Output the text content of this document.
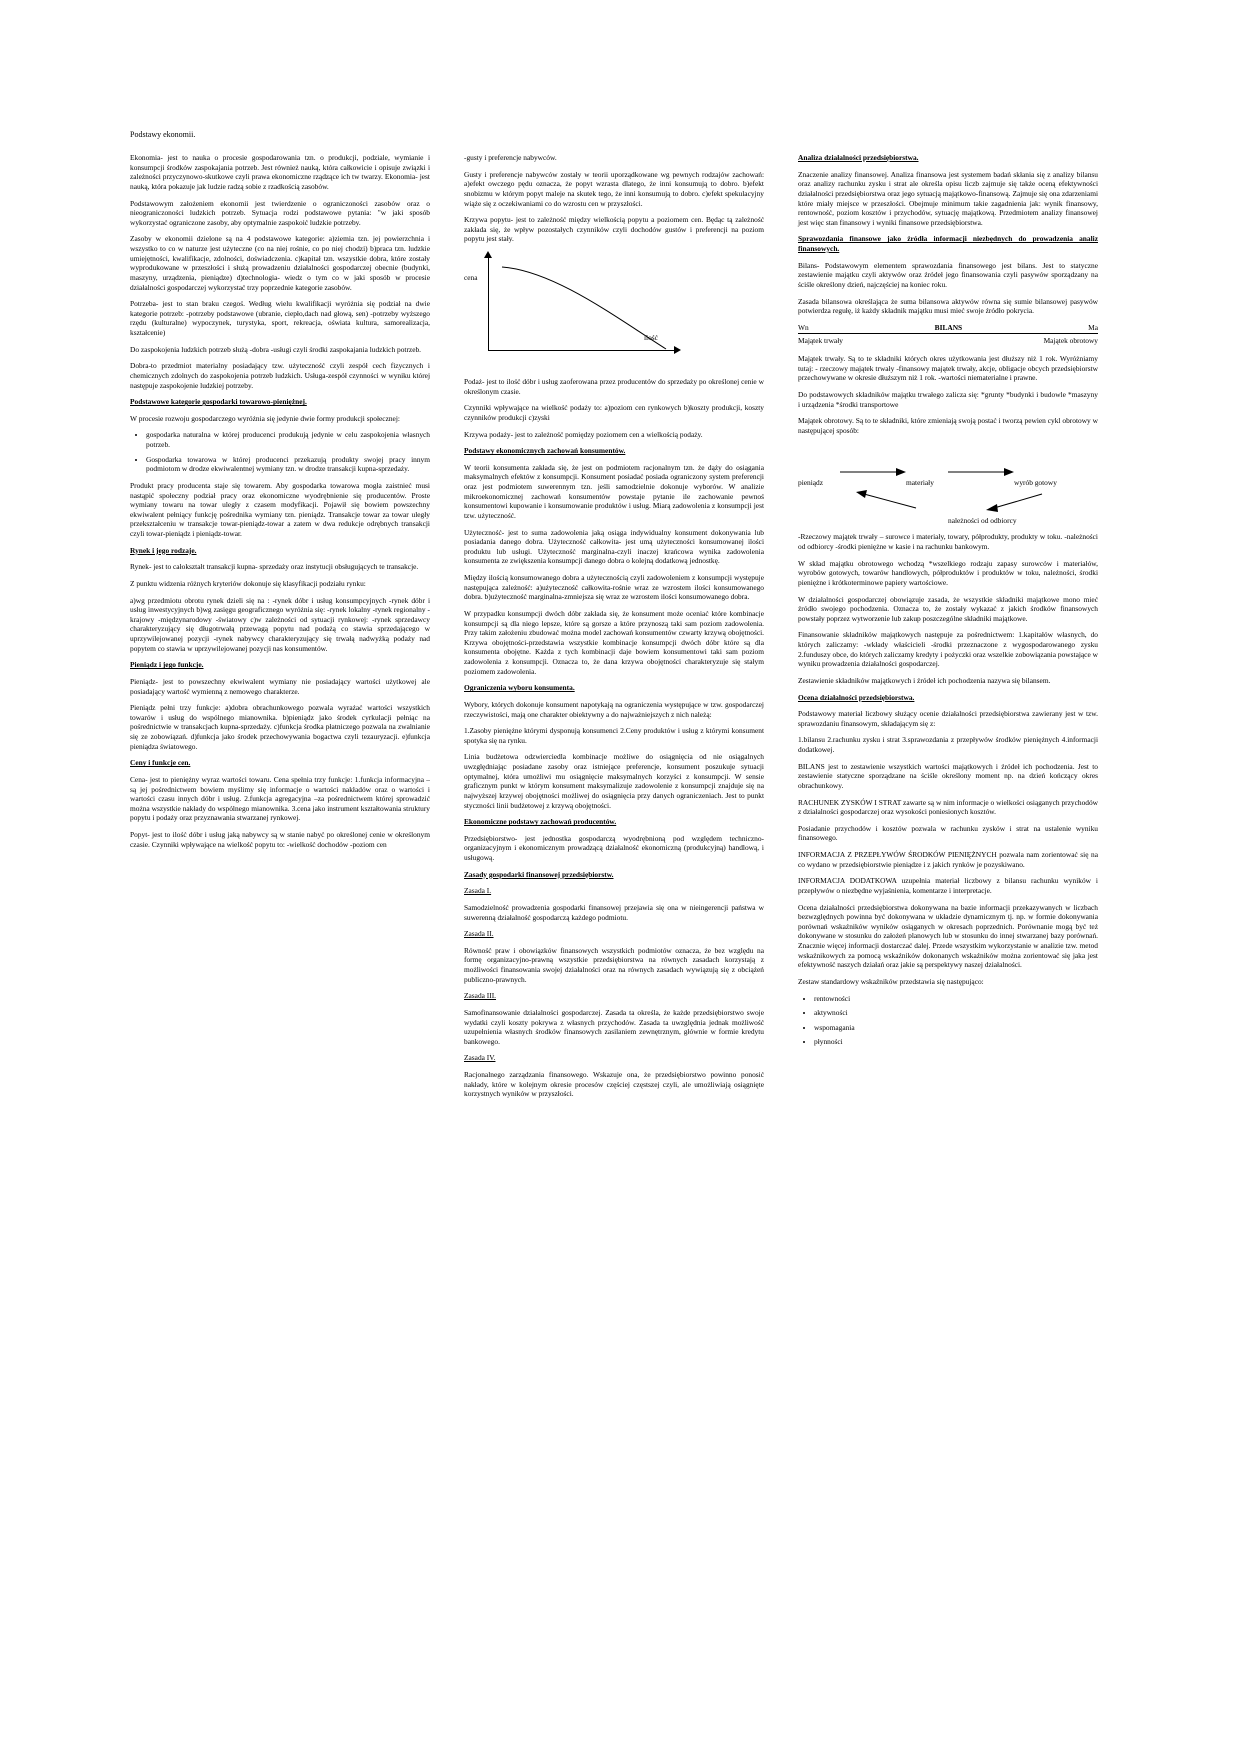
Podstawy ekonomii.

Ekonomia- jest to nauka o procesie gospodarowania tzn. o produkcji, podziale, wymianie i konsumpcji środków zaspokajania potrzeb. Jest również nauką, która całkowicie i opisuje związki i zależności przyczynowo-skutkowe czyli prawa ekonomiczne rządzące ich tw twarzy. Ekonomia- jest nauką, która pokazuje jak ludzie radzą sobie z rzadkością zasobów.

Podstawowym założeniem ekonomii jest twierdzenie o ograniczoności zasobów oraz o nieograniczoności ludzkich potrzeb. Sytuacja rodzi podstawowe pytania: "w jaki sposób wykorzystać ograniczone zasoby, aby optymalnie zaspokoić ludzkie potrzeby.

Zasoby w ekonomii dzielone są na 4 podstawowe kategorie: a)ziemia tzn. jej powierzchnia i wszystko to co w naturze jest użyteczne (co na niej rośnie, co po niej chodzi) b)praca tzn. ludzkie umiejętności, kwalifikacje, zdolności, doświadczenia. c)kapitał tzn. wszystkie dobra, które zostały wyprodukowane w przeszłości i służą prowadzeniu działalności gospodarczej obecnie (budynki, maszyny, urządzenia, pieniądze) d)technologia- wiedz o tym co w jaki sposób w procesie działalności gospodarczej wykorzystać trzy poprzednie kategorie zasobów.

Potrzeba- jest to stan braku czegoś. Według wielu kwalifikacji wyróżnia się podział na dwie kategorie potrzeb: -potrzeby podstawowe (ubranie, ciepło,dach nad głową, sen) -potrzeby wyższego rzędu (kulturalne) wypoczynek, turystyka, sport, rekreacja, oświata kultura, samorealizacja, kształcenie)

Do zaspokojenia ludzkich potrzeb służą -dobra -usługi czyli środki zaspokajania ludzkich potrzeb.

Dobra-to przedmiot materialny posiadający tzw. użyteczność czyli zespół cech fizycznych i chemicznych zdolnych do zaspokojenia potrzeb ludzkich. Usługa-zespół czynności w wyniku której następuje zaspokojenie ludzkiej potrzeby.

Podstawowe kategorie gospodarki towarowo-pieniężnej.

W procesie rozwoju gospodarczego wyróżnia się jedynie dwie formy produkcji społecznej:

• gospodarka naturalna w której producenci produkują jedynie w celu zaspokojenia własnych potrzeb.
• Gospodarka towarowa w której producenci przekazują produkty swojej pracy innym podmiotom w drodze ekwiwalentnej wymiany tzn. w drodze transakcji kupna-sprzedaży.

Produkt pracy producenta staje się towarem. Aby gospodarka towarowa mogła zaistnieć musi nastąpić społeczny podział pracy oraz ekonomiczne wyodrębnienie się producentów. Proste wymiany towaru na towar uległy z czasem modyfikacji. Pojawił się bowiem powszechny ekwiwalent pełniący funkcję pośrednika wymiany tzn. pieniądz. Transakcje towar za towar uległy przekształceniu w transakcje towar-pieniądz-towar a zatem w dwa redukcje odrębnych transakcji czyli towar-pieniądz i pieniądz-towar.

Rynek i jego rodzaje.

Rynek- jest to całokształt transakcji kupna- sprzedaży oraz instytucji obsługujących te transakcje.

Z punktu widzenia różnych kryteriów dokonuje się klasyfikacji podziału rynku:

a)wg przedmiotu obrotu rynek dzieli się na : -rynek dóbr i usług konsumpcyjnych -rynek dóbr i usług inwestycyjnych b)wg zasięgu geograficznego wyróżnia się: -rynek lokalny -rynek regionalny -krajowy -międzynarodowy -światowy c)w zależności od sytuacji rynkowej: -rynek sprzedawcy charakteryzujący się długotrwałą przewagą popytu nad podażą co stawia sprzedającego w uprzywilejowanej pozycji -rynek nabywcy charakteryzujący się trwałą nadwyżką podaży nad popytem co stawia w uprzywilejowanej pozycji nas konsumentów.

Pieniądz i jego funkcje.

Pieniądz- jest to powszechny ekwiwalent wymiany nie posiadający wartości użytkowej ale posiadający wartość wymienną z nemowego charakterze.

Pieniądz pełni trzy funkcje: a)dobra obrachunkowego pozwala wyrażać wartości wszystkich towarów i usług do wspólnego mianownika. b)pieniądz jako środek cyrkulacji pełniąc na pośrednictwie w transakcjach kupna-sprzedaży. c)funkcja środka płatniczego pozwala na zwalnianie się ze zobowiązań. d)funkcja jako środek przechowywania bogactwa czyli tezauryzacji. e)funkcja pieniądza światowego.

Ceny i funkcje cen.

Cena- jest to pieniężny wyraz wartości towaru. Cena spełnia trzy funkcje: 1.funkcja informacyjna –są jej pośrednictwem bowiem myślimy się informacje o wartości nakładów oraz o wartości i wartości czasu innych dóbr i usług. 2.funkcja agregacyjna –za pośrednictwem której sprowadzić można wszystkie nakłady do wspólnego mianownika. 3.cena jako instrument kształtowania struktury popytu i podaży oraz przyznawania stwarzanej rynkowej.

Popyt- jest to ilość dóbr i usług jaką nabywcy są w stanie nabyć po określonej cenie w określonym czasie. Czynniki wpływające na wielkość popytu to: -wielkość dochodów -poziom cen

-gusty i preferencje nabywców.

Gusty i preferencje nabywców zostały w teorii uporządkowane wg pewnych rodzajów zachowań: a)efekt owczego pędu oznacza, że popyt wzrasta dlatego, że inni konsumują to dobro. b)efekt snobizmu w którym popyt maleje na skutek tego, że inni konsumują to dobro. c)efekt spekulacyjny wiąże się z oczekiwaniami co do wzrostu cen w przyszłości.

Krzywa popytu- jest to zależność między wielkością popytu a poziomem cen. Będąc tą zależność zakłada się, że wpływ pozostałych czynników czyli dochodów gustów i preferencji na poziom popytu jest stały.

cena
ilość

Podaż- jest to ilość dóbr i usług zaoferowana przez producentów do sprzedaży po określonej cenie w określonym czasie.

Czynniki wpływające na wielkość podaży to: a)poziom cen rynkowych b)koszty produkcji, koszty czynników produkcji c)zyski

Krzywa podaży- jest to zależność pomiędzy poziomem cen a wielkością podaży.

Podstawy ekonomicznych zachowań konsumentów.

W teorii konsumenta zakłada się, że jest on podmiotem racjonalnym tzn. że dąży do osiągania maksymalnych efektów z konsumpcji. Konsument posiadać posiada ograniczony system preferencji oraz jest podmiotem suwerennym tzn. jeśli samodzielnie dokonuje wyborów. W analizie mikroekonomicznej zachowań konsumentów powstaje pytanie ile zachowanie pewnoś konsumentowi kupowanie i konsumowanie produktów i usług. Miarą zadowolenia z konsumpcji jest tzw. użyteczność.

Użyteczność- jest to suma zadowolenia jaką osiąga indywidualny konsument dokonywania lub posiadania danego dobra. Użyteczność całkowita- jest umą użyteczności konsumowanej ilości produktu lub usługi. Użyteczność marginalna-czyli inaczej krańcowa wynika zadowolenia konsumenta ze zwiększenia konsumpcji danego dobra o kolejną dodatkową jednostkę.

Między ilością konsumowanego dobra a użytecznością czyli zadowoleniem z konsumpcji występuje następująca zależność: a)użyteczność całkowita-rośnie wraz ze wzrostem ilości konsumowanego dobra. b)użyteczność marginalna-zmniejsza się wraz ze wzrostem ilości konsumowanego dobra.

W przypadku konsumpcji dwóch dóbr zakłada się, że konsument może oceniać które kombinacje konsumpcji są dla niego lepsze, które są gorsze a które przynoszą taki sam poziom zadowolenia. Przy takim założeniu zbudować można model zachowań konsumentów czwarty krzywą obojętności. Krzywa obojętności-przedstawia wszystkie kombinacje konsumpcji dwóch dóbr które są dla konsumenta obojętne. Każda z tych kombinacji daje bowiem konsumentowi taki sam poziom zadowolenia z konsumpcji. Oznacza to, że dana krzywa obojętności charakteryzuje się stałym poziomem zadowolenia.

Ograniczenia wyboru konsumenta.

Wybory, których dokonuje konsument napotykają na ograniczenia występujące w tzw. gospodarczej rzeczywistości, mają one charakter obiektywny a do najważniejszych z nich należą:

1.Zasoby pieniężne którymi dysponują konsumenci 2.Ceny produktów i usług z którymi konsument spotyka się na rynku.

Linia budżetowa odzwierciedla kombinacje możliwe do osiągnięcia od nie osiągalnych uwzględniając posiadane zasoby oraz istniejące preferencje, konsument poszukuje sytuacji optymalnej, która umożliwi mu osiągnięcie maksymalnych korzyści z konsumpcji. W sensie graficznym punkt w którym konsument maksymalizuje zadowolenie z konsumpcji znajduje się na najwyższej krzywej obojętności możliwej do osiągnięcia przy danych ograniczeniach. Jest to punkt styczności linii budżetowej z krzywą obojętności.

Ekonomiczne podstawy zachowań producentów.

Przedsiębiorstwo- jest jednostka gospodarczą wyodrębnioną pod względem techniczno-organizacyjnym i ekonomicznym prowadzącą działalność ekonomiczną (produkcyjną) handlową, i usługową.

Zasady gospodarki finansowej przedsiębiorstw.

Zasada I.

Samodzielność prowadzenia gospodarki finansowej przejawia się ona w nieingerencji państwa w suwerenną działalność gospodarczą każdego podmiotu.

Zasada II.

Równość praw i obowiązków finansowych wszystkich podmiotów oznacza, że bez względu na formę organizacyjno-prawną wszystkie przedsiębiorstwa na równych zasadach korzystają z możliwości finansowania swojej działalności oraz na równych zasadach wywiązują się z obciążeń publiczno-prawnych.

Zasada III.

Samofinansowanie działalności gospodarczej. Zasada ta określa, że każde przedsiębiorstwo swoje wydatki czyli koszty pokrywa z własnych przychodów. Zasada ta uwzględnia jednak możliwość uzupełnienia własnych środków finansowych zasilaniem zewnętrznym, głównie w formie kredytu bankowego.

Zasada IV.

Racjonalnego zarządzania finansowego. Wskazuje ona, że przedsiębiorstwo powinno ponosić nakłady, które w kolejnym okresie procesów częściej częstszej czyli, ale umożliwiają osiągnięte korzystnych wyników w przyszłości.

Analiza działalności przedsiębiorstwa.

Znaczenie analizy finansowej. Analiza finansowa jest systemem badań skłania się z analizy bilansu oraz analizy rachunku zysku i strat ale określa opisu liczb zajmuje się także oceną efektywności działalności przedsiębiorstwa oraz jego sytuacją majątkowo-finansową. Zajmuje się ona zdarzeniami które miały miejsce w przeszłości. Obejmuje minimum takie zagadnienia jak: wynik finansowy, rentowność, poziom kosztów i przychodów, sytuację majątkową. Przedmiotem analizy finansowej jest więc stan finansowy i wyniki finansowe przedsiębiorstwa.

Sprawozdania finansowe jako źródła informacji niezbędnych do prowadzenia analiz finansowych.

Bilans- Podstawowym elementem sprawozdania finansowego jest bilans. Jest to statyczne zestawienie majątku czyli aktywów oraz źródeł jego finansowania czyli pasywów sporządzany na ściśle określony dzień, najczęściej na koniec roku.

Zasada bilansowa określająca że suma bilansowa aktywów równa się sumie bilansowej pasywów potwierdza regułę, iż każdy składnik majątku musi mieć swoje źródło pokrycia.

Wn	BILANS	Ma
Majątek trwały	Majątek obrotowy

Majątek trwały. Są to te składniki których okres użytkowania jest dłuższy niż 1 rok. Wyróżniamy tutaj: - rzeczowy majątek trwały -finansowy majątek trwały, akcje, obligacje obcych przedsiębiorstw przechowywane w okresie dłuższym niż 1 rok. -wartości niematerialne i prawne.

Do podstawowych składników majątku trwałego zalicza się: *grunty *budynki i budowle *maszyny i urządzenia *środki transportowe

Majątek obrotowy. Są to te składniki, które zmieniają swoją postać i tworzą pewien cykl obrotowy w następującej sposób:

pieniądz	materiały	wyrób gotowy
należności od odbiorcy

-Rzeczowy majątek trwały – surowce i materiały, towary, półprodukty, produkty w toku. -należności od odbiorcy -środki pieniężne w kasie i na rachunku bankowym.

W skład majątku obrotowego wchodzą *wszelkiego rodzaju zapasy surowców i materiałów, wyrobów gotowych, towarów handlowych, półproduktów i produktów w toku, należności, środki pieniężne i krótkoterminowe papiery wartościowe.

W działalności gospodarczej obowiązuje zasada, że wszystkie składniki majątkowe mono mieć źródło swojego pochodzenia. Oznacza to, że zostały wykazać z jakich środków finansowych powstały poprzez wytworzenie lub zakup poszczególne składniki majątkowe.

Finansowanie składników majątkowych następuje za pośrednictwem: 1.kapitałów własnych, do których zaliczamy: -wkłady właścicieli -środki przeznaczone z wygospodarowanego zysku 2.funduszy obce, do których zaliczamy kredyty i pożyczki oraz wszelkie zobowiązania powstające w wyniku prowadzenia działalności gospodarczej.

Zestawienie składników majątkowych i źródeł ich pochodzenia nazywa się bilansem.

Ocena działalności przedsiębiorstwa.

Podstawowy materiał liczbowy służący ocenie działalności przedsiębiorstwa zawierany jest w tzw. sprawozdaniu finansowym, składającym się z:

1.bilansu 2.rachunku zysku i strat 3.sprawozdania z przepływów środków pieniężnych 4.informacji dodatkowej.

BILANS jest to zestawienie wszystkich wartości majątkowych i źródeł ich pochodzenia. Jest to zestawienie statyczne sporządzane na ściśle określony moment np. na dzień kończący okres obrachunkowy.

RACHUNEK ZYSKÓW I STRAT zawarte są w nim informacje o wielkości osiąganych przychodów z działalności gospodarczej oraz wysokości poniesionych kosztów.

Posiadanie przychodów i kosztów pozwala w rachunku zysków i strat na ustalenie wyniku finansowego.

INFORMACJA Z PRZEPŁYWÓW ŚRODKÓW PIENIĘŻNYCH pozwala nam zorientować się na co wydano w przedsiębiorstwie pieniądze i z jakich rynków je pozyskiwano.

INFORMACJA DODATKOWA uzupełnia materiał liczbowy z bilansu rachunku wyników i przepływów o niezbędne wyjaśnienia, komentarze i interpretacje.

Ocena działalności przedsiębiorstwa dokonywana na bazie informacji przekazywanych w liczbach bezwzględnych powinna być dokonywana w układzie dynamicznym tj. np. w formie dokonywania porównań wskaźników wyników osiąganych w okresach poprzednich. Porównanie mogą być też dokonywane w stosunku do założeń planowych lub w stosunku do innej stwarzanej bazy porównań. Znacznie więcej informacji dostarczać dalej. Przede wszystkim wykorzystanie w analizie tzw. metod wskaźnikowych za pomocą wskaźników dokonanych wskaźników można zorientować się jaka jest efektywność naszych działań oraz jakie są perspektywy naszej działalności.

Zestaw standardowy wskaźników przedstawia się następująco:

• rentowności
• aktywności
• wspomagania
• płynności
